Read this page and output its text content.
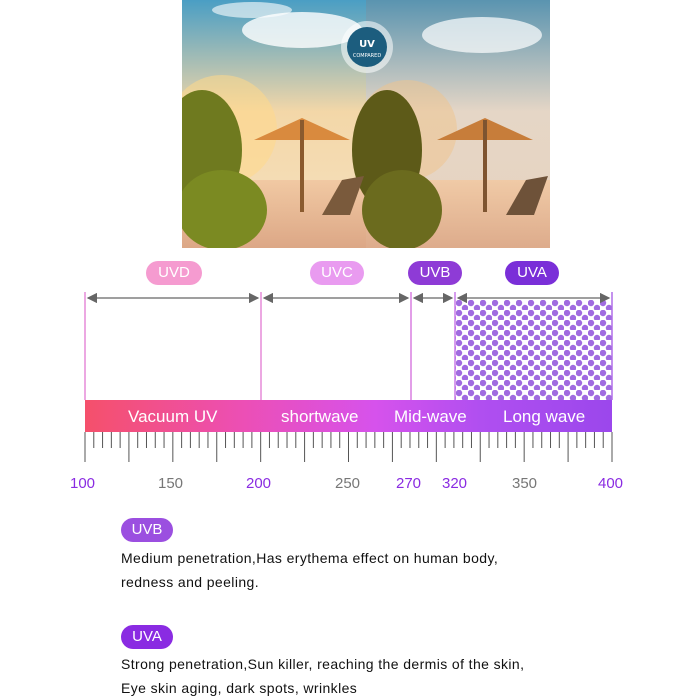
UV
COMPARED
UVD	UVC	UVB	UVA
Vacuum UV	shortwave Mid-wave Long wave
100	150	200	250 270 320	350	400
UVB
Medium penetration,Has erythema effect on human body,
redness and peeling.
UVA
Strong penetration,Sun killer, reaching the dermis of the skin,
Eye skin aging, dark spots, wrinkles
